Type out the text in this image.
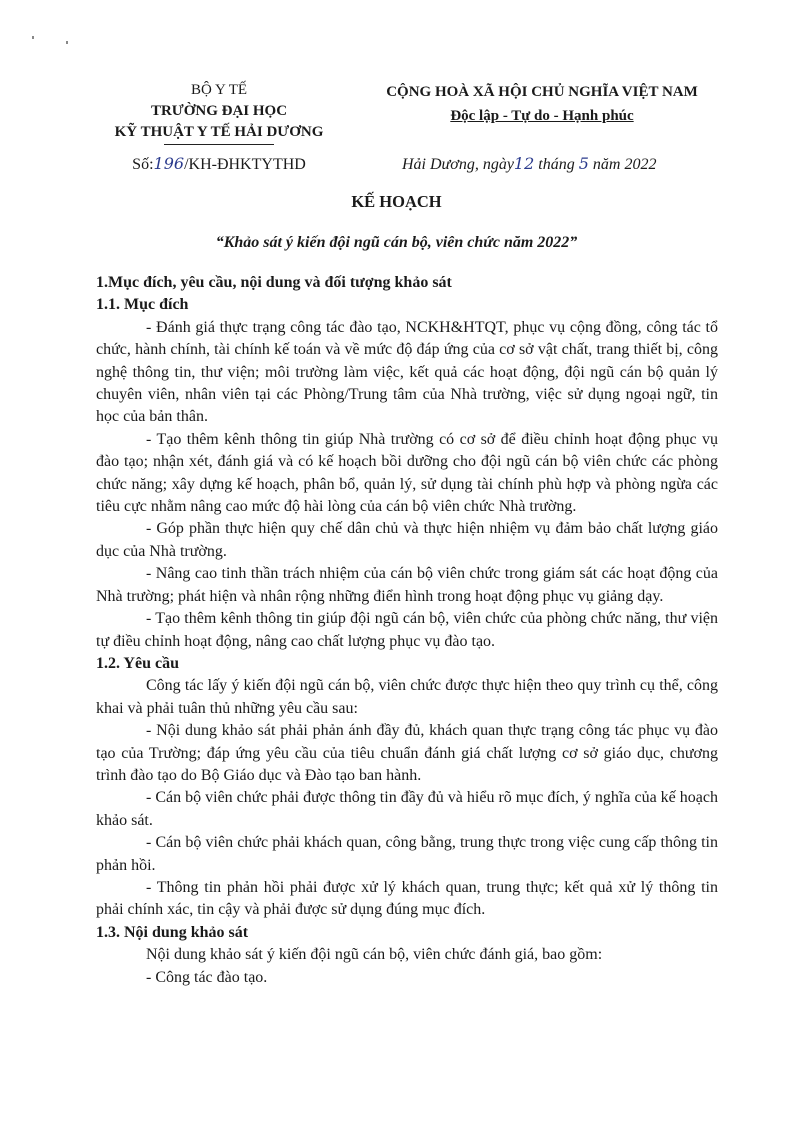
BỘ Y TẾ
TRƯỜNG ĐẠI HỌC
KỸ THUẬT Y TẾ HẢI DƯƠNG
Số:196/KH-ĐHKTYTHD
CỘNG HOÀ XÃ HỘI CHỦ NGHĨA VIỆT NAM
Độc lập - Tự do - Hạnh phúc
Hải Dương, ngày12 tháng 5 năm 2022
KẾ HOẠCH
“Khảo sát ý kiến đội ngũ cán bộ, viên chức năm 2022”

1.Mục đích, yêu cầu, nội dung và đối tượng khảo sát

1.1. Mục đích

- Đánh giá thực trạng công tác đào tạo, NCKH&HTQT, phục vụ cộng đồng, công tác tổ chức, hành chính, tài chính kế toán và về mức độ đáp ứng của cơ sở vật chất, trang thiết bị, công nghệ thông tin, thư viện; môi trường làm việc, kết quả các hoạt động, đội ngũ cán bộ quản lý chuyên viên, nhân viên tại các Phòng/Trung tâm của Nhà trường, việc sử dụng ngoại ngữ, tin học của bản thân.

- Tạo thêm kênh thông tin giúp Nhà trường có cơ sở để điều chỉnh hoạt động phục vụ đào tạo; nhận xét, đánh giá và có kế hoạch bồi dưỡng cho đội ngũ cán bộ viên chức các phòng chức năng; xây dựng kế hoạch, phân bổ, quản lý, sử dụng tài chính phù hợp và phòng ngừa các tiêu cực nhằm nâng cao mức độ hài lòng của cán bộ viên chức Nhà trường.

- Góp phần thực hiện quy chế dân chủ và thực hiện nhiệm vụ đảm bảo chất lượng giáo dục của Nhà trường.

- Nâng cao tinh thần trách nhiệm của cán bộ viên chức trong giám sát các hoạt động của Nhà trường; phát hiện và nhân rộng những điển hình trong hoạt động phục vụ giảng dạy.

- Tạo thêm kênh thông tin giúp đội ngũ cán bộ, viên chức của phòng chức năng, thư viện tự điều chỉnh hoạt động, nâng cao chất lượng phục vụ đào tạo.

1.2. Yêu cầu

Công tác lấy ý kiến đội ngũ cán bộ, viên chức được thực hiện theo quy trình cụ thể, công khai và phải tuân thủ những yêu cầu sau:

- Nội dung khảo sát phải phản ánh đầy đủ, khách quan thực trạng công tác phục vụ đào tạo của Trường; đáp ứng yêu cầu của tiêu chuẩn đánh giá chất lượng cơ sở giáo dục, chương trình đào tạo do Bộ Giáo dục và Đào tạo ban hành.

- Cán bộ viên chức phải được thông tin đầy đủ và hiểu rõ mục đích, ý nghĩa của kế hoạch khảo sát.

- Cán bộ viên chức phải khách quan, công bằng, trung thực trong việc cung cấp thông tin phản hồi.

- Thông tin phản hồi phải được xử lý khách quan, trung thực; kết quả xử lý thông tin phải chính xác, tin cậy và phải được sử dụng đúng mục đích.

1.3. Nội dung khảo sát

Nội dung khảo sát ý kiến đội ngũ cán bộ, viên chức đánh giá, bao gồm:

- Công tác đào tạo.
